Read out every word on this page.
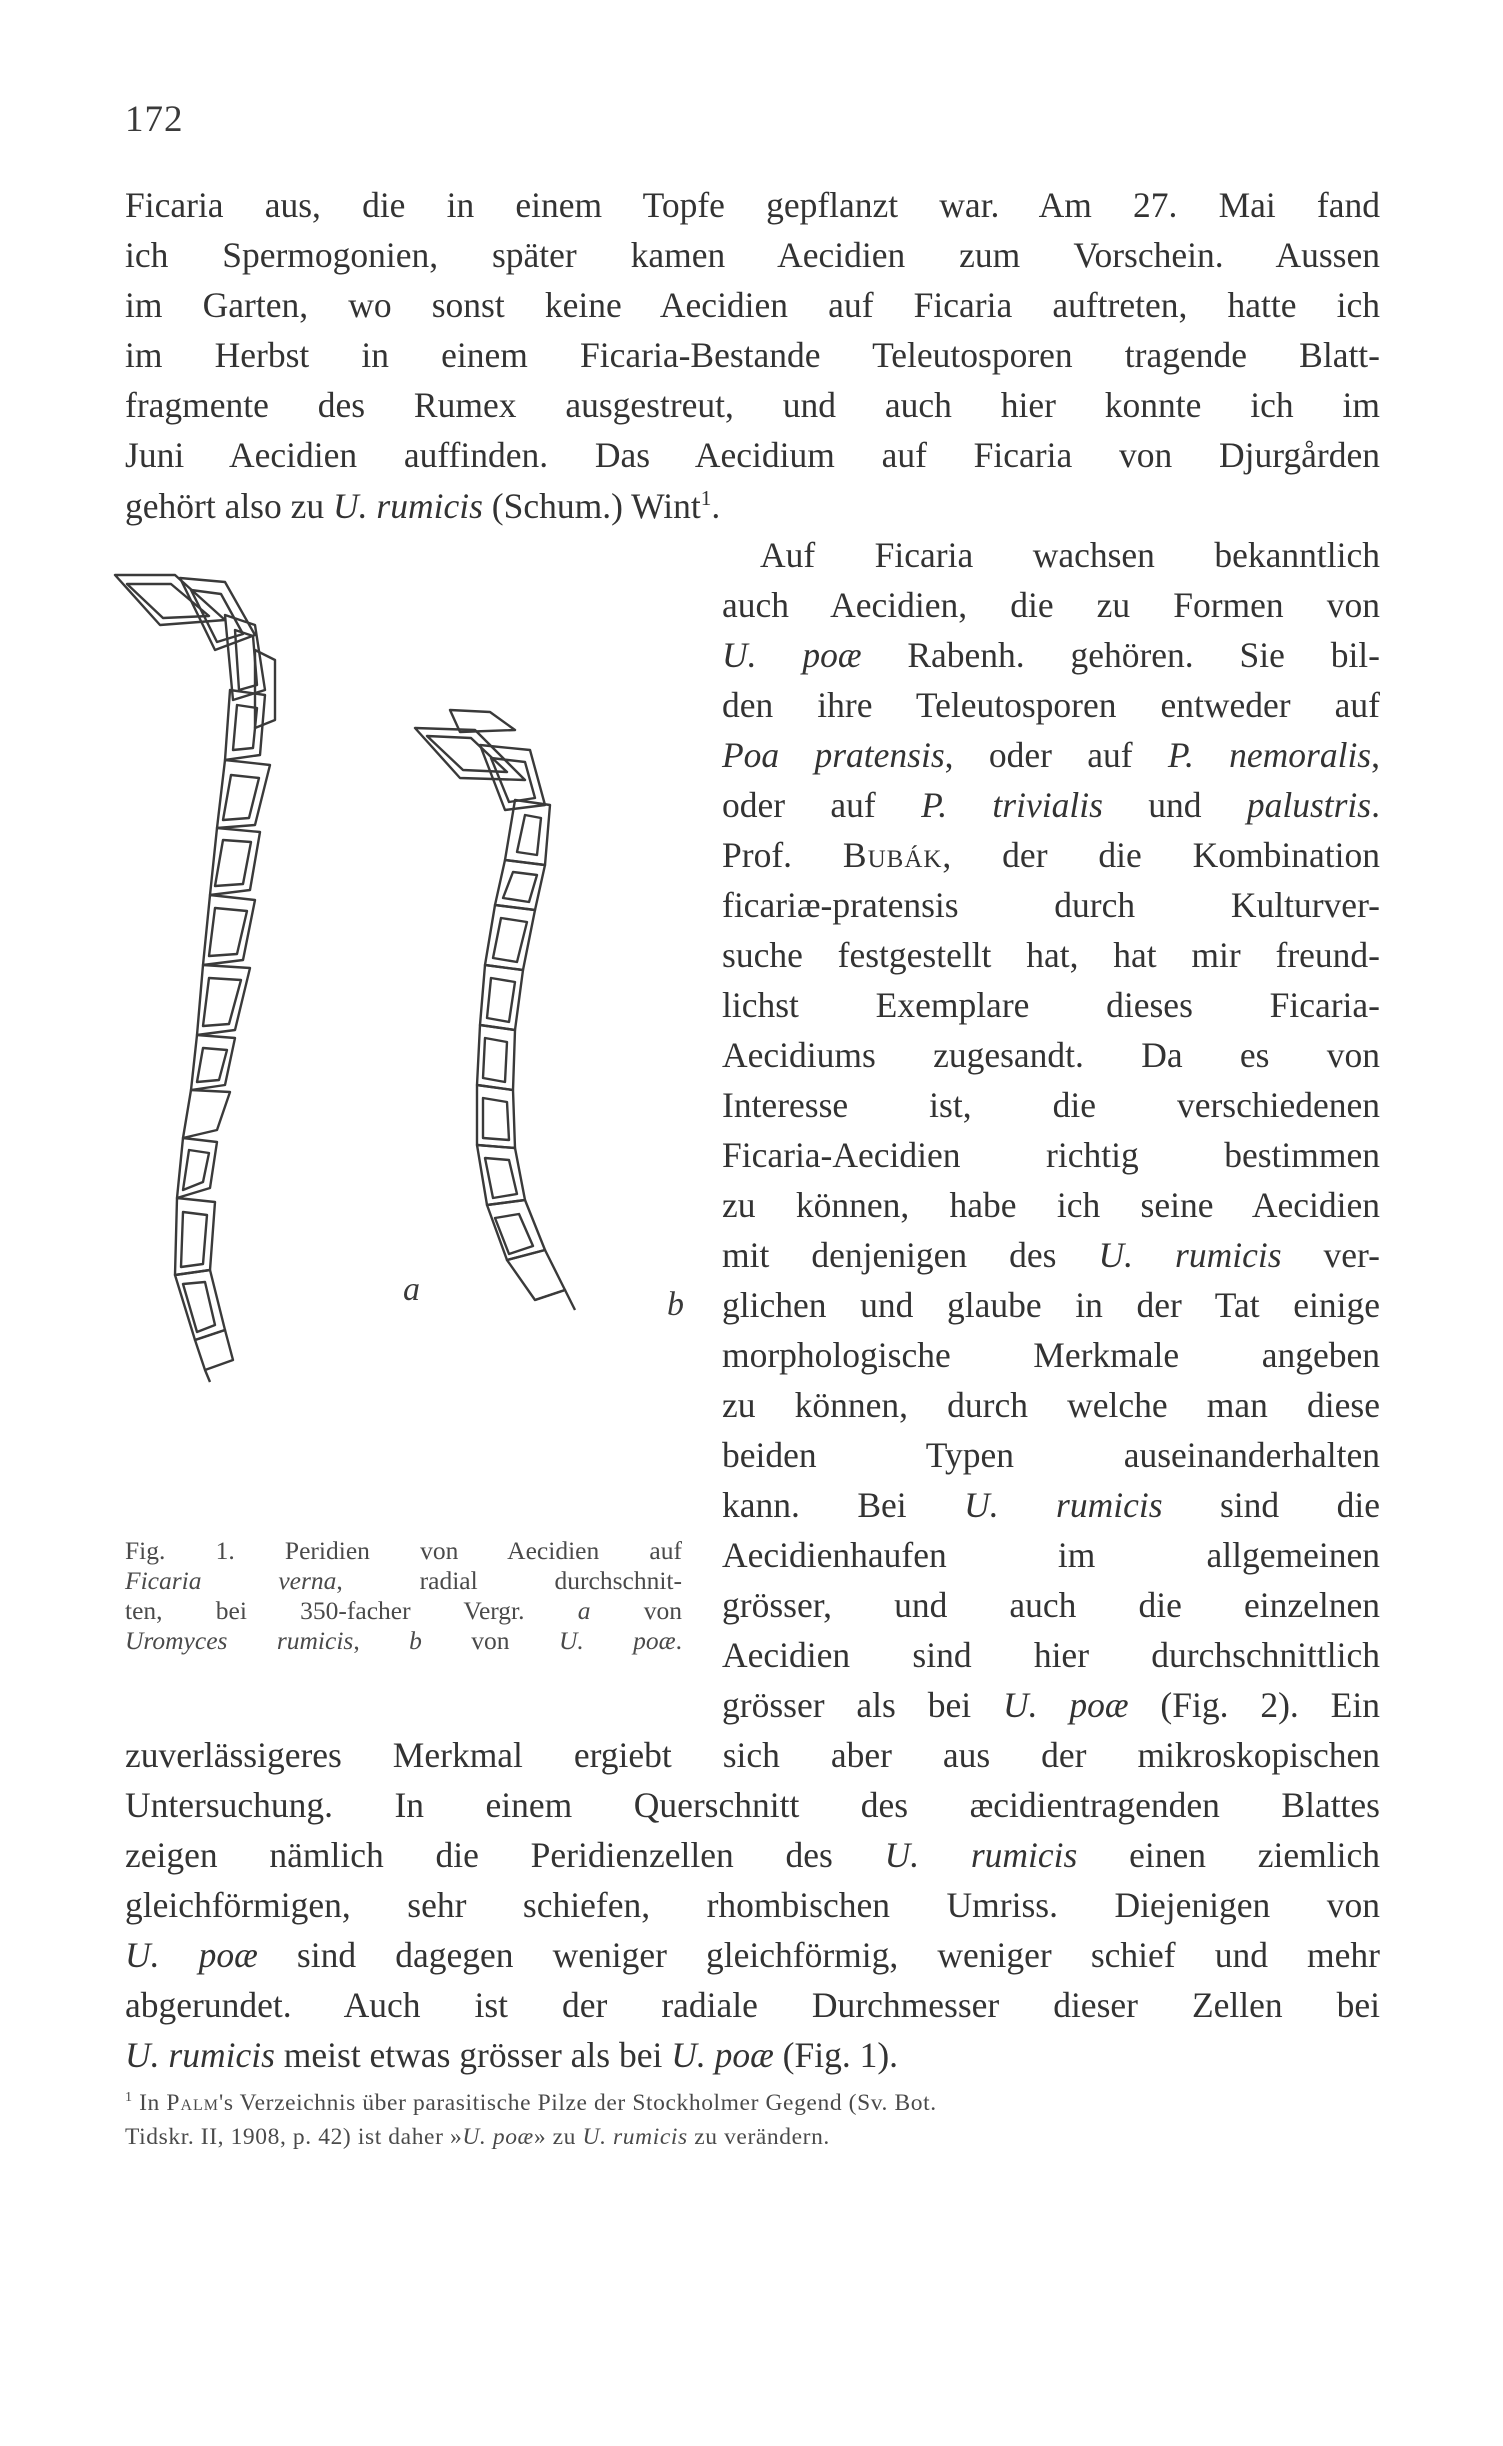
172
Ficaria aus, die in einem Topfe gepflanzt war. Am 27. Mai fand
ich Spermogonien, später kamen Aecidien zum Vorschein. Aussen
im Garten, wo sonst keine Aecidien auf Ficaria auftreten, hatte ich
im Herbst in einem Ficaria-Bestande Teleutosporen tragende Blatt-
fragmente des Rumex ausgestreut, und auch hier konnte ich im
Juni Aecidien auffinden. Das Aecidium auf Ficaria von Djurgården
gehört also zu U. rumicis (Schum.) Wint$^1$.
Auf Ficaria wachsen bekanntlich
auch Aecidien, die zu Formen von
U. poæ Rabenh. gehören. Sie bil-
den ihre Teleutosporen entweder auf
Poa pratensis, oder auf P. nemoralis,
oder auf P. trivialis und palustris.
Prof. Bubák, der die Kombination
ficariæ-pratensis durch Kulturver-
suche festgestellt hat, hat mir freund-
lichst Exemplare dieses Ficaria-
Aecidiums zugesandt. Da es von
Interesse ist, die verschiedenen
Ficaria-Aecidien richtig bestimmen
zu können, habe ich seine Aecidien
mit denjenigen des U. rumicis ver-
glichen und glaube in der Tat einige
morphologische Merkmale angeben
zu können, durch welche man diese
beiden Typen auseinanderhalten
kann. Bei U. rumicis sind die
Aecidienhaufen im allgemeinen
grösser, und auch die einzelnen
Aecidien sind hier durchschnittlich
grösser als bei U. poæ (Fig. 2). Ein
zuverlässigeres Merkmal ergiebt sich aber aus der mikroskopischen
Untersuchung. In einem Querschnitt des æcidientragenden Blattes
zeigen nämlich die Peridienzellen des U. rumicis einen ziemlich
gleichförmigen, sehr schiefen, rhombischen Umriss. Diejenigen von
U. poæ sind dagegen weniger gleichförmig, weniger schief und mehr
abgerundet. Auch ist der radiale Durchmesser dieser Zellen bei
U. rumicis meist etwas grösser als bei U. poæ (Fig. 1).
a	b
Fig. 1. Peridien von Aecidien auf
Ficaria verna, radial durchschnit-
ten, bei 350-facher Vergr. a von
Uromyces rumicis, b von U. poæ.
$^1$ In Palm's Verzeichnis über parasitische Pilze der Stockholmer Gegend (Sv. Bot.
Tidskr. II, 1908, p. 42) ist daher »U. poæ» zu U. rumicis zu verändern.
